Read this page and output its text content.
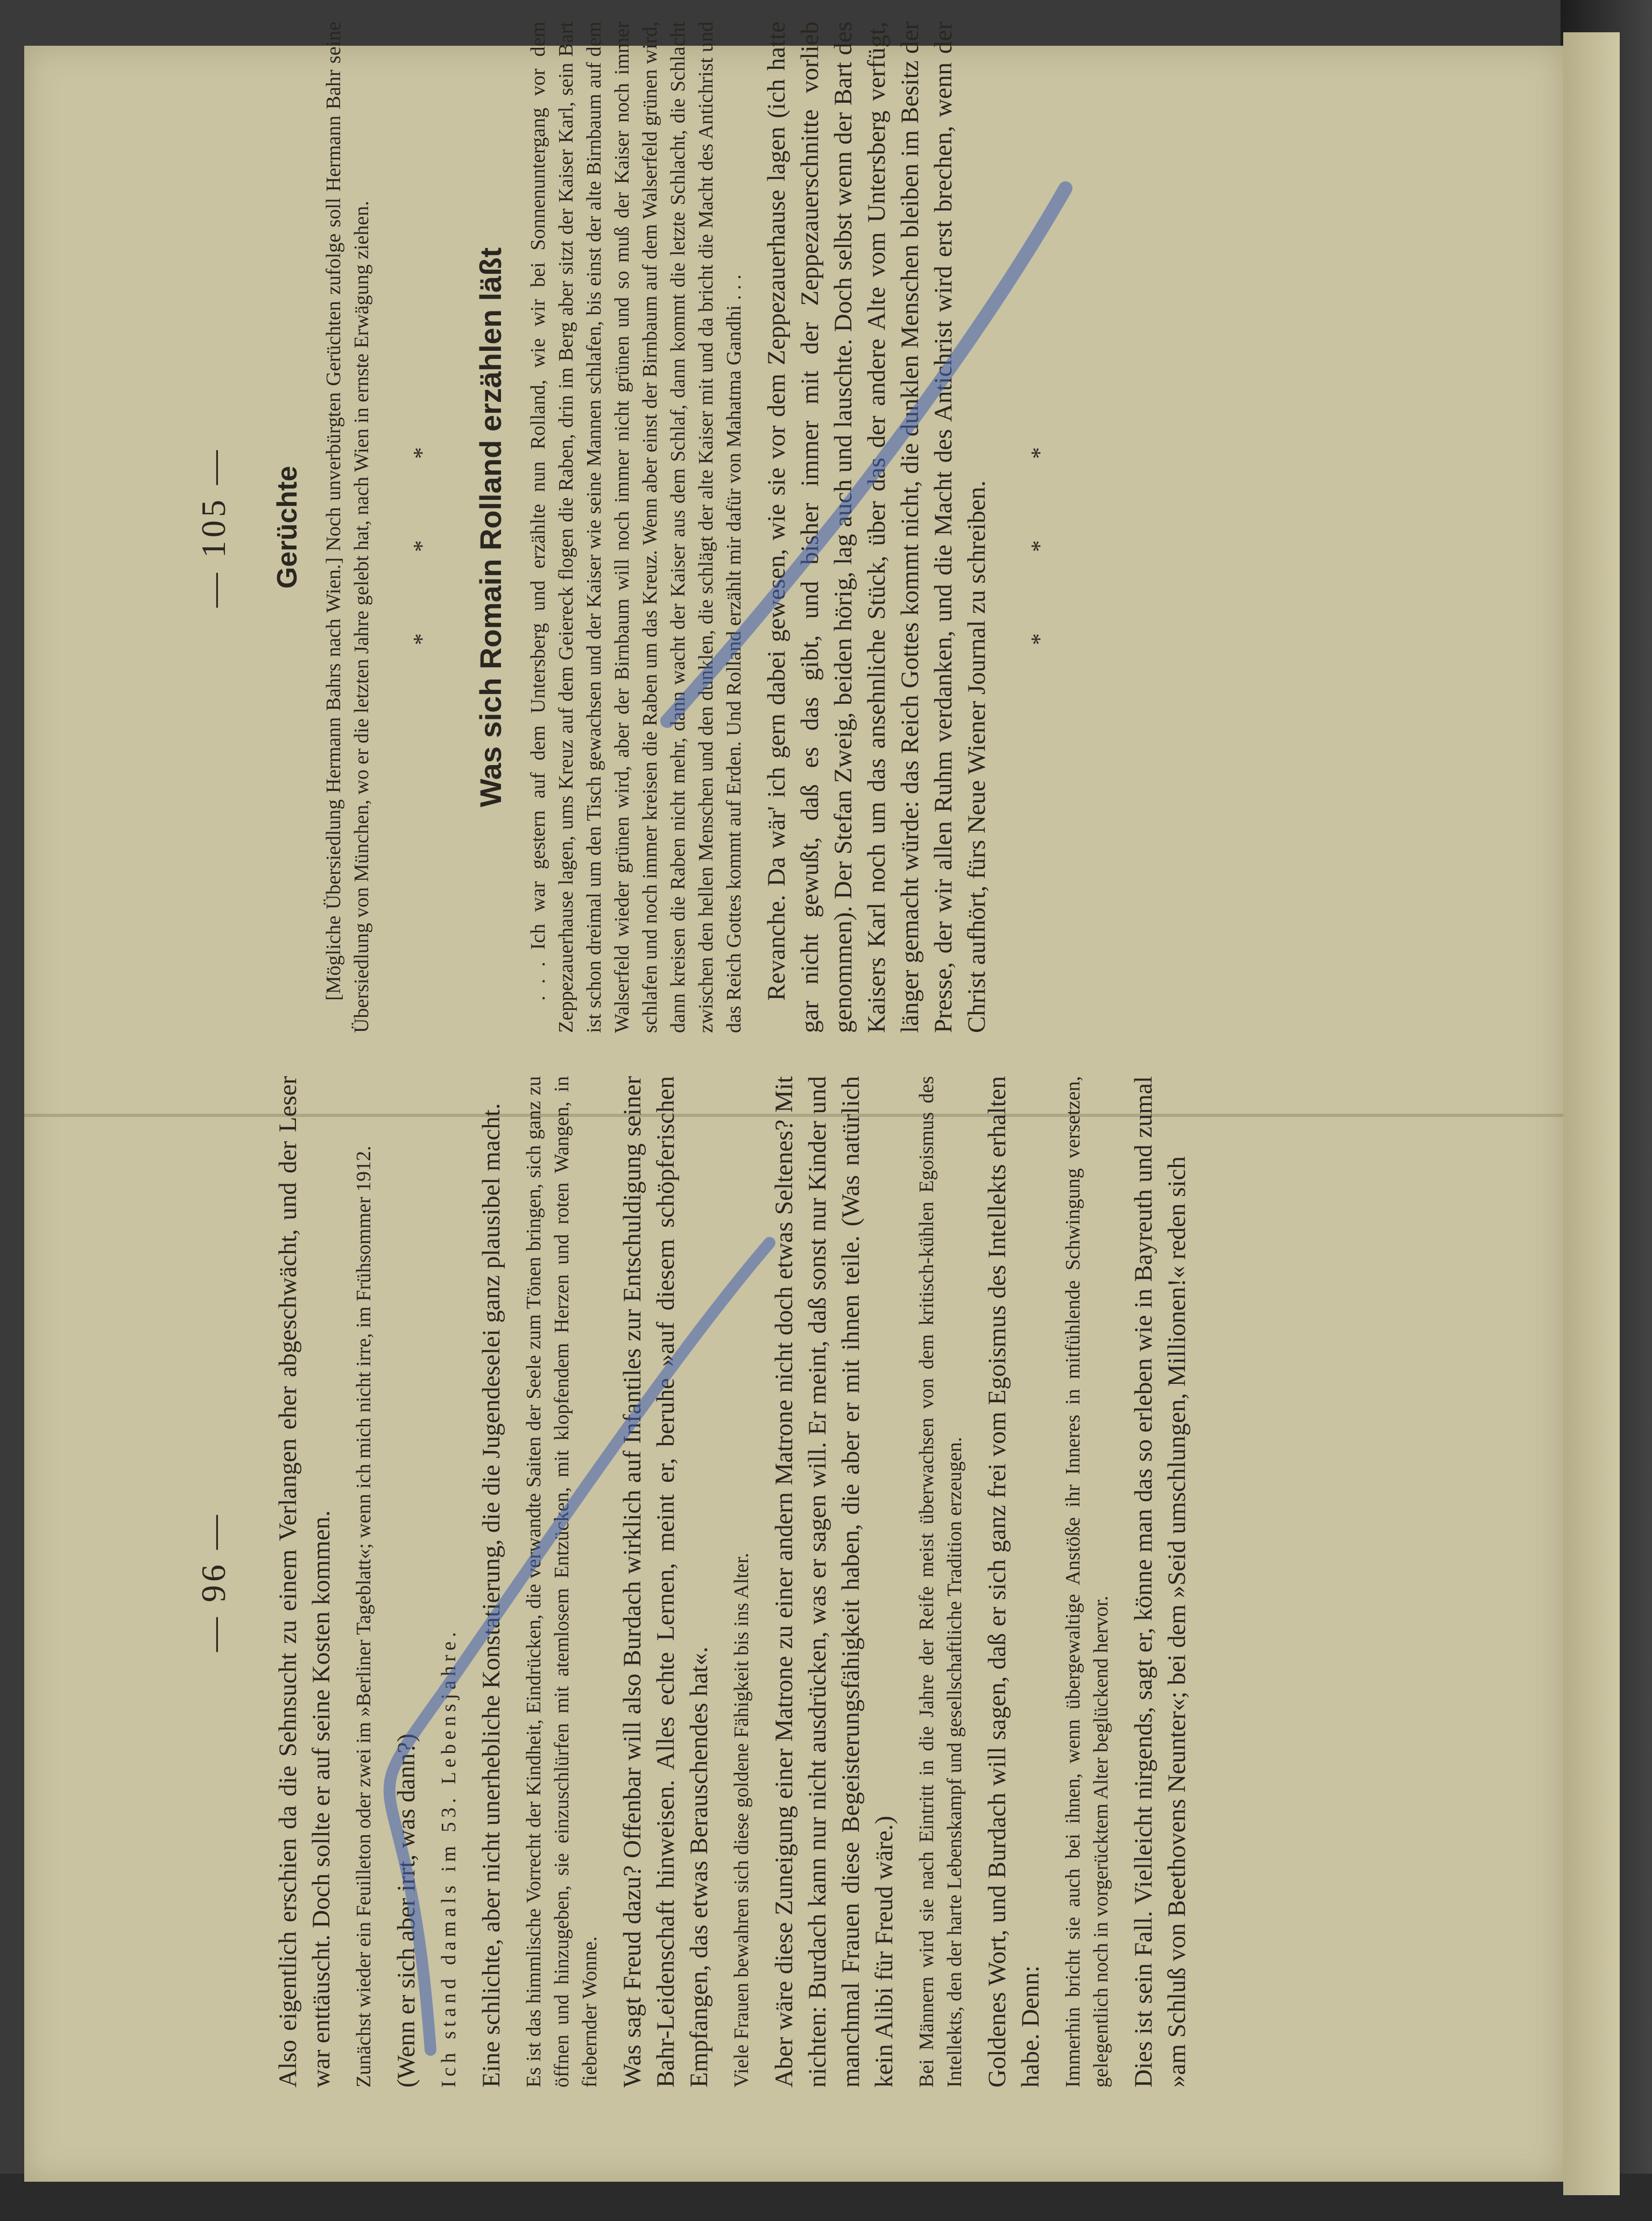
— 96 — Also eigentlich erschien da die Sehnsucht zu einem Verlangen eher abgeschwächt, und der Leser war enttäuscht. Doch sollte er auf seine Kosten kommen. Zunächst wieder ein Feuilleton oder zwei im »Berliner Tageblatt«; wenn ich mich nicht irre, im Frühsommer 1912. (Wenn er sich aber irrt, was dann?) Ich stand damals im 53. Lebensjahre. Eine schlichte, aber nicht unerhebliche Konstatierung, die die Jugendeselei ganz plausibel macht. Es ist das himmlische Vorrecht der Kindheit, Eindrücken, die verwandte Saiten der Seele zum Tönen bringen, sich ganz zu öffnen und hinzugeben, sie einzuschlürfen mit atemlosem Entzücken, mit klopfendem Herzen und roten Wangen, in fiebernder Wonne. Was sagt Freud dazu? Offenbar will also Burdach wirklich auf Infantiles zur Entschuldigung seiner Bahr-Leidenschaft hinweisen. Alles echte Lernen, meint er, beruhe »auf diesem schöpferischen Empfangen, das etwas Berauschendes hat«. Viele Frauen bewahren sich diese goldene Fähigkeit bis ins Alter. Aber wäre diese Zuneigung einer Matrone zu einer andern Matrone nicht doch etwas Seltenes? Mit nichten: Burdach kann nur nicht ausdrücken, was er sagen will. Er meint, daß sonst nur Kinder und manchmal Frauen diese Begeisterungsfähigkeit haben, die aber er mit ihnen teile. (Was natürlich kein Alibi für Freud wäre.) Bei Männern wird sie nach Eintritt in die Jahre der Reife meist überwachsen von dem kritisch-kühlen Egoismus des Intellekts, den der harte Lebenskampf und gesellschaftliche Tradition erzeugen. Goldenes Wort, und Burdach will sagen, daß er sich ganz frei vom Egoismus des Intellekts erhalten habe. Denn: Immerhin bricht sie auch bei ihnen, wenn übergewaltige Anstöße ihr Inneres in mitfühlende Schwingung versetzen, gelegentlich noch in vorgerücktem Alter beglückend hervor. Dies ist sein Fall. Vielleicht nirgends, sagt er, könne man das so erleben wie in Bayreuth und zumal »am Schluß von Beethovens Neunter«; bei dem »Seid umschlungen, Millionen!« reden sich

— 105 — Gerüchte [Mögliche Übersiedlung Hermann Bahrs nach Wien.] Noch unverbürgten Gerüchten zufolge soll Hermann Bahr seine Übersiedlung von München, wo er die letzten Jahre gelebt hat, nach Wien in ernste Erwägung ziehen. * * * Was sich Romain Rolland erzählen läßt . . . Ich war gestern auf dem Untersberg und erzählte nun Rolland, wie wir bei Sonnenuntergang vor dem Zeppezauerhause lagen, ums Kreuz auf dem Geiereck flogen die Raben, drin im Berg aber sitzt der Kaiser Karl, sein Bart ist schon dreimal um den Tisch gewachsen und der Kaiser wie seine Mannen schlafen, bis einst der alte Birnbaum auf dem Walserfeld wieder grünen wird, aber der Birnbaum will noch immer nicht grünen und so muß der Kaiser noch immer schlafen und noch immer kreisen die Raben um das Kreuz. Wenn aber einst der Birnbaum auf dem Walserfeld grünen wird, dann kreisen die Raben nicht mehr, dann wacht der Kaiser aus dem Schlaf, dann kommt die letzte Schlacht, die Schlacht zwischen den hellen Menschen und den dunklen, die schlägt der alte Kaiser mit und da bricht die Macht des Antichrist und das Reich Gottes kommt auf Erden. Und Rolland erzählt mir dafür von Mahatma Gandhi . . . Revanche. Da wär' ich gern dabei gewesen, wie sie vor dem Zeppezauerhause lagen (ich hatte gar nicht gewußt, daß es das gibt, und bisher immer mit der Zeppezauerschnitte vorlieb genommen). Der Stefan Zweig, beiden hörig, lag auch und lauschte. Doch selbst wenn der Bart des Kaisers Karl noch um das ansehnliche Stück, über das der andere Alte vom Untersberg verfügt, länger gemacht würde: das Reich Gottes kommt nicht, die dunklen Menschen bleiben im Besitz der Presse, der wir allen Ruhm verdanken, und die Macht des Antichrist wird erst brechen, wenn der Christ aufhört, fürs Neue Wiener Journal zu schreiben. * * *
